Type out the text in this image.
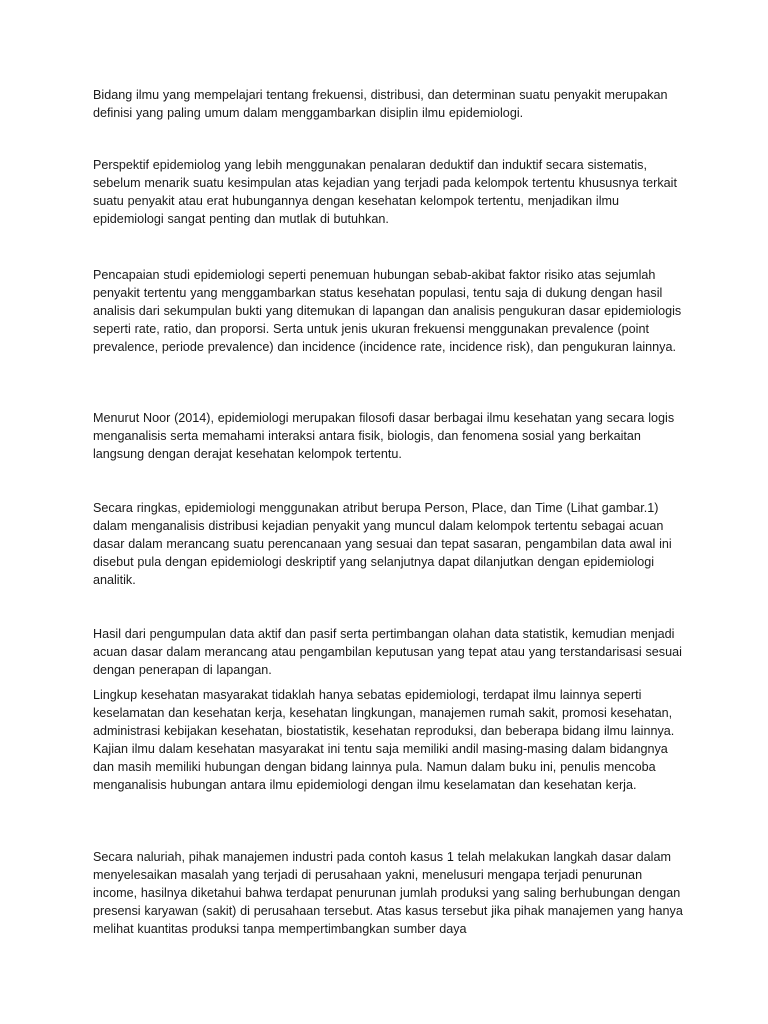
Bidang ilmu yang mempelajari tentang frekuensi, distribusi, dan determinan suatu penyakit merupakan definisi yang paling umum dalam menggambarkan disiplin ilmu epidemiologi.

Perspektif epidemiolog yang lebih menggunakan penalaran deduktif dan induktif secara sistematis, sebelum menarik suatu kesimpulan atas kejadian yang terjadi pada kelompok tertentu khususnya terkait suatu penyakit atau erat hubungannya dengan kesehatan kelompok tertentu, menjadikan ilmu epidemiologi sangat penting dan mutlak di butuhkan.

Pencapaian studi epidemiologi seperti penemuan hubungan sebab-akibat faktor risiko atas sejumlah penyakit tertentu yang menggambarkan status kesehatan populasi, tentu saja di dukung dengan hasil analisis dari sekumpulan bukti yang ditemukan di lapangan dan analisis pengukuran dasar epidemiologis seperti rate, ratio, dan proporsi. Serta untuk jenis ukuran frekuensi menggunakan prevalence (point prevalence, periode prevalence) dan incidence (incidence rate, incidence risk), dan pengukuran lainnya.

Menurut Noor (2014), epidemiologi merupakan filosofi dasar berbagai ilmu kesehatan yang secara logis menganalisis serta memahami interaksi antara fisik, biologis, dan fenomena sosial yang berkaitan langsung dengan derajat kesehatan kelompok tertentu.

Secara ringkas, epidemiologi menggunakan atribut berupa Person, Place, dan Time (Lihat gambar.1) dalam menganalisis distribusi kejadian penyakit yang muncul dalam kelompok tertentu sebagai acuan dasar dalam merancang suatu perencanaan yang sesuai dan tepat sasaran, pengambilan data awal ini disebut pula dengan epidemiologi deskriptif yang selanjutnya dapat dilanjutkan dengan epidemiologi analitik.

Hasil dari pengumpulan data aktif dan pasif serta pertimbangan olahan data statistik, kemudian menjadi acuan dasar dalam merancang atau pengambilan keputusan yang tepat atau yang terstandarisasi sesuai dengan penerapan di lapangan.

Lingkup kesehatan masyarakat tidaklah hanya sebatas epidemiologi, terdapat ilmu lainnya seperti keselamatan dan kesehatan kerja, kesehatan lingkungan, manajemen rumah sakit, promosi kesehatan, administrasi kebijakan kesehatan, biostatistik, kesehatan reproduksi, dan beberapa bidang ilmu lainnya. Kajian ilmu dalam kesehatan masyarakat ini tentu saja memiliki andil masing-masing dalam bidangnya dan masih memiliki hubungan dengan bidang lainnya pula. Namun dalam buku ini, penulis mencoba menganalisis hubungan antara ilmu epidemiologi dengan ilmu keselamatan dan kesehatan kerja.

Secara naluriah, pihak manajemen industri pada contoh kasus 1 telah melakukan langkah dasar dalam menyelesaikan masalah yang terjadi di perusahaan yakni, menelusuri mengapa terjadi penurunan income, hasilnya diketahui bahwa terdapat penurunan jumlah produksi yang saling berhubungan dengan presensi karyawan (sakit) di perusahaan tersebut. Atas kasus tersebut jika pihak manajemen yang hanya melihat kuantitas produksi tanpa mempertimbangkan sumber daya
